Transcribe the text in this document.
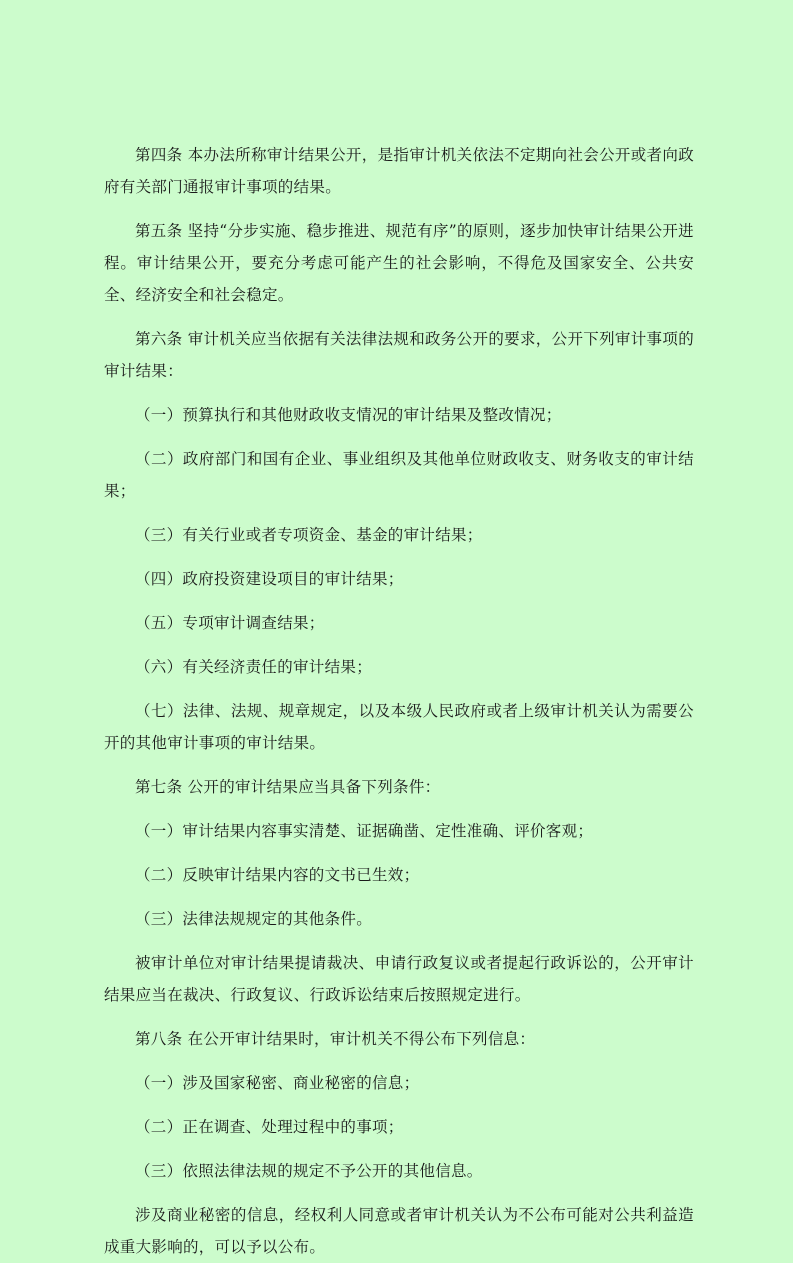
第四条 本办法所称审计结果公开，是指审计机关依法不定期向社会公开或者向政府有关部门通报审计事项的结果。

第五条 坚持“分步实施、稳步推进、规范有序”的原则，逐步加快审计结果公开进程。审计结果公开，要充分考虑可能产生的社会影响，不得危及国家安全、公共安全、经济安全和社会稳定。

第六条 审计机关应当依据有关法律法规和政务公开的要求，公开下列审计事项的审计结果：

（一）预算执行和其他财政收支情况的审计结果及整改情况；

（二）政府部门和国有企业、事业组织及其他单位财政收支、财务收支的审计结果；

（三）有关行业或者专项资金、基金的审计结果；

（四）政府投资建设项目的审计结果；

（五）专项审计调查结果；

（六）有关经济责任的审计结果；

（七）法律、法规、规章规定，以及本级人民政府或者上级审计机关认为需要公开的其他审计事项的审计结果。

第七条 公开的审计结果应当具备下列条件：

（一）审计结果内容事实清楚、证据确凿、定性准确、评价客观；

（二）反映审计结果内容的文书已生效；

（三）法律法规规定的其他条件。

被审计单位对审计结果提请裁决、申请行政复议或者提起行政诉讼的，公开审计结果应当在裁决、行政复议、行政诉讼结束后按照规定进行。

第八条 在公开审计结果时，审计机关不得公布下列信息：

（一）涉及国家秘密、商业秘密的信息；

（二）正在调查、处理过程中的事项；

（三）依照法律法规的规定不予公开的其他信息。

涉及商业秘密的信息，经权利人同意或者审计机关认为不公布可能对公共利益造成重大影响的，可以予以公布。
